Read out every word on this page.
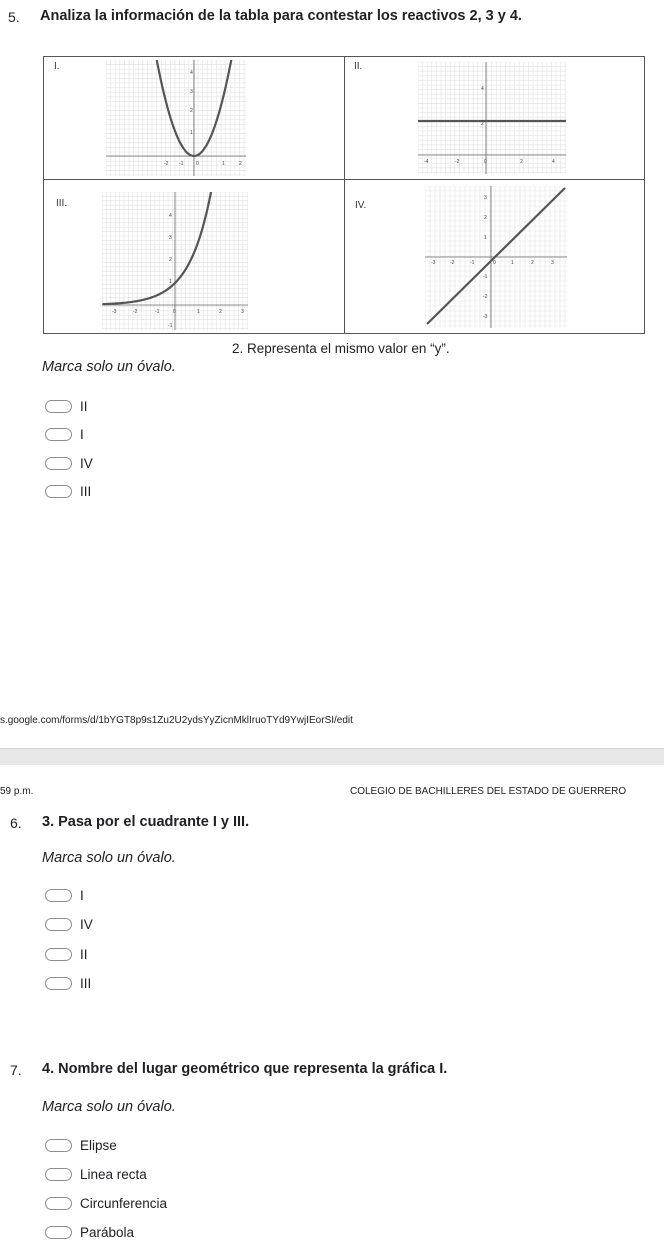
5. Analiza la información de la tabla para contestar los reactivos 2, 3 y 4.
I.
-2 -1	0	1	2
1
2
3
4
II.
-4	-2	0	2	4
4
2
III.
-3	-2	-1	0	1	2	3
4
3
2
1
-1
IV.
-3	-2	-1	0	1	2	3
3
2
1
-1
-2
-3
2. Representa el mismo valor en “y”.
Marca solo un óvalo.
II
I
IV
III
s.google.com/forms/d/1bYGT8p9s1Zu2U2ydsYyZicnMklIruoTYd9YwjIEorSI/edit
59 p.m.	COLEGIO DE BACHILLERES DEL ESTADO DE GUERRERO
6. 3. Pasa por el cuadrante I y III.
Marca solo un óvalo.
I
IV
II
III
7. 4. Nombre del lugar geométrico que representa la gráfica I.
Marca solo un óvalo.
Elipse
Linea recta
Circunferencia
Parábola
